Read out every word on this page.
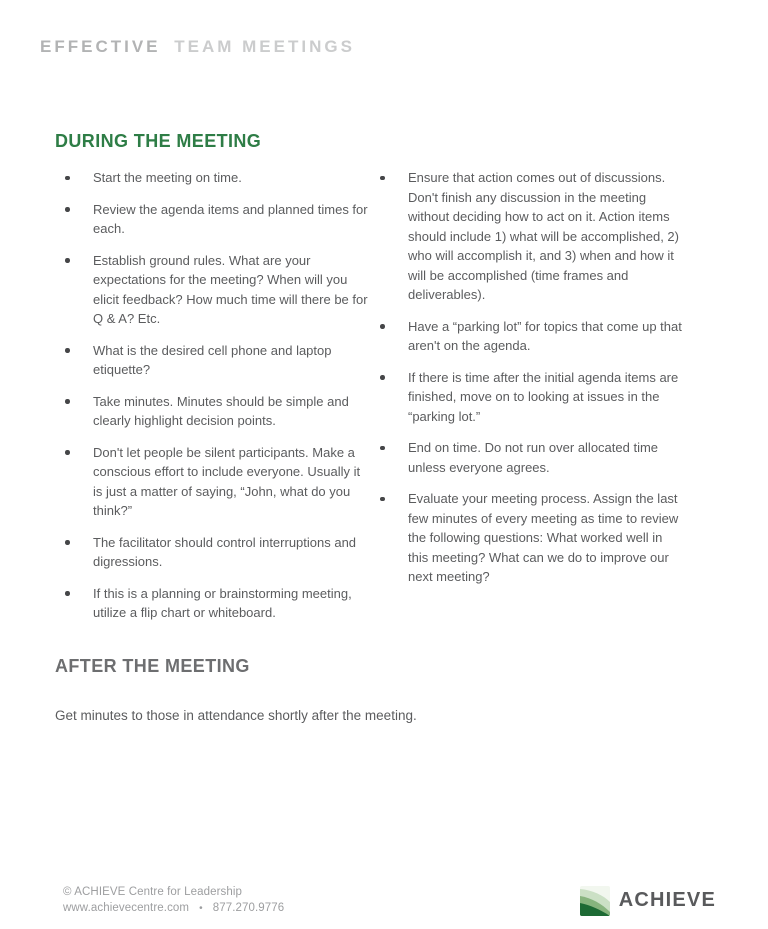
EFFECTIVE TEAM MEETINGS
DURING THE MEETING
Start the meeting on time.
Review the agenda items and planned times for each.
Establish ground rules. What are your expectations for the meeting? When will you elicit feedback? How much time will there be for Q & A? Etc.
What is the desired cell phone and laptop etiquette?
Take minutes. Minutes should be simple and clearly highlight decision points.
Don't let people be silent participants. Make a conscious effort to include everyone. Usually it is just a matter of saying, “John, what do you think?”
The facilitator should control interruptions and digressions.
If this is a planning or brainstorming meeting, utilize a flip chart or whiteboard.
Ensure that action comes out of discussions. Don't finish any discussion in the meeting without deciding how to act on it. Action items should include 1) what will be accomplished, 2) who will accomplish it, and 3) when and how it will be accomplished (time frames and deliverables).
Have a “parking lot” for topics that come up that aren't on the agenda.
If there is time after the initial agenda items are finished, move on to looking at issues in the “parking lot.”
End on time. Do not run over allocated time unless everyone agrees.
Evaluate your meeting process. Assign the last few minutes of every meeting as time to review the following questions: What worked well in this meeting? What can we do to improve our next meeting?
AFTER THE MEETING

Get minutes to those in attendance shortly after the meeting.

© ACHIEVE Centre for Leadership
www.achievecentre.com • 877.270.9776	ACHIEVE
